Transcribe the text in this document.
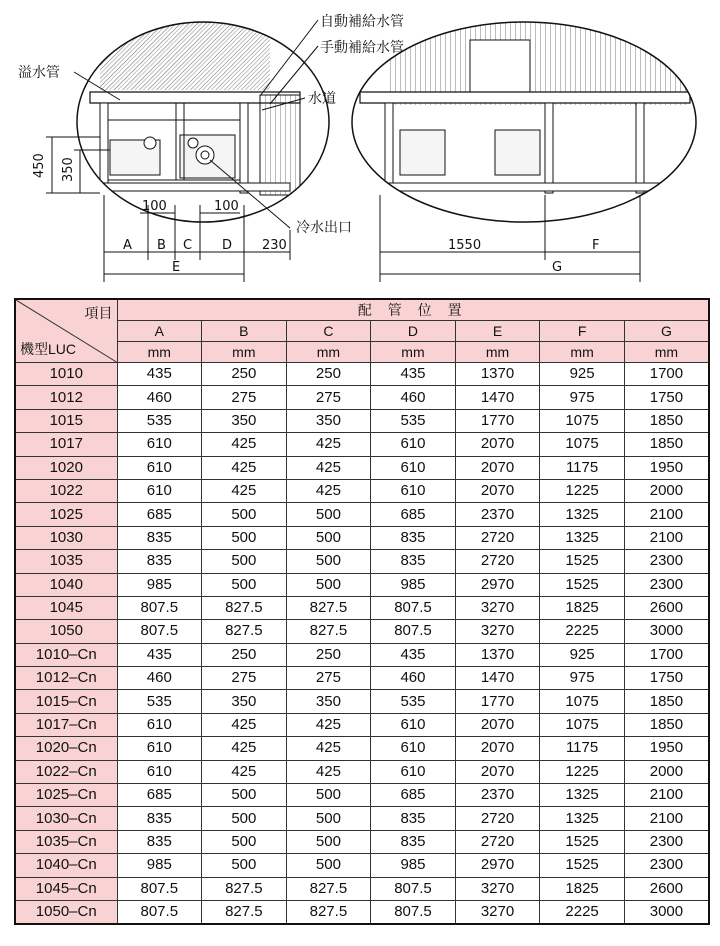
溢水管
自動補給水管
手動補給水管
水道
冷水出口
450 350
100	100
230	1550
A B C D
E
F
G
項目
機型LUC	配 管 位 置						
	A	B	C	D	E	F	G
	mm	mm	mm	mm	mm	mm	mm
1010	435	250	250	435	1370	925	1700
1012	460	275	275	460	1470	975	1750
1015	535	350	350	535	1770	1075	1850
1017	610	425	425	610	2070	1075	1850
1020	610	425	425	610	2070	1175	1950
1022	610	425	425	610	2070	1225	2000
1025	685	500	500	685	2370	1325	2100
1030	835	500	500	835	2720	1325	2100
1035	835	500	500	835	2720	1525	2300
1040	985	500	500	985	2970	1525	2300
1045	807.5	827.5	827.5	807.5	3270	1825	2600
1050	807.5	827.5	827.5	807.5	3270	2225	3000
1010–Cn	435	250	250	435	1370	925	1700
1012–Cn	460	275	275	460	1470	975	1750
1015–Cn	535	350	350	535	1770	1075	1850
1017–Cn	610	425	425	610	2070	1075	1850
1020–Cn	610	425	425	610	2070	1175	1950
1022–Cn	610	425	425	610	2070	1225	2000
1025–Cn	685	500	500	685	2370	1325	2100
1030–Cn	835	500	500	835	2720	1325	2100
1035–Cn	835	500	500	835	2720	1525	2300
1040–Cn	985	500	500	985	2970	1525	2300
1045–Cn	807.5	827.5	827.5	807.5	3270	1825	2600
1050–Cn	807.5	827.5	827.5	807.5	3270	2225	3000
